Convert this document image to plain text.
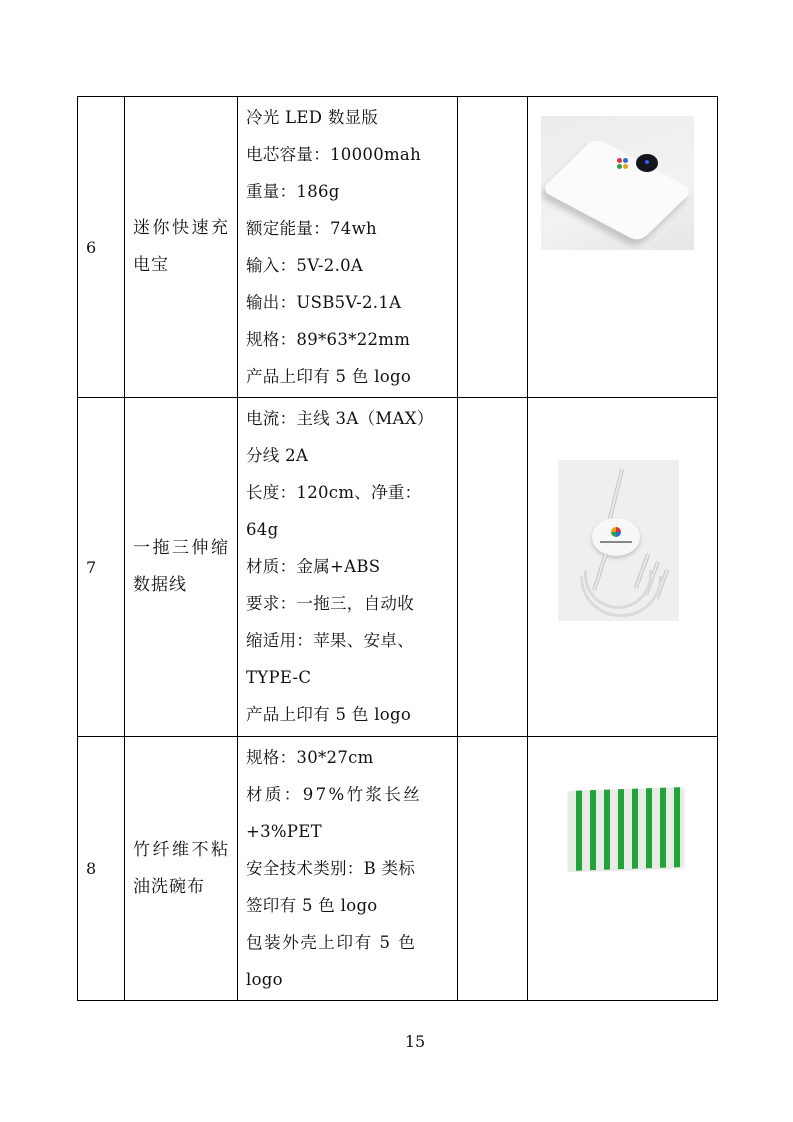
6	迷你快速充电宝	
冷光 LED 数显版
电芯容量：10000mah
重量：186g
额定能量：74wh
输入：5V-2.0A
输出：USB5V-2.1A
规格：89*63*22mm
产品上印有 5 色 logo

7	一拖三伸缩数据线	
电流：主线 3A（MAX）
分线 2A
长度：120cm、净重：
64g
材质：金属+ABS
要求：一拖三，自动收
缩适用：苹果、安卓、
TYPE-C
产品上印有 5 色 logo

8	竹纤维不粘油洗碗布	
规格：30*27cm
材质：97%竹浆长丝
+3%PET
安全技术类别：B 类标
签印有 5 色 logo
包装外壳上印有 5 色
logo

15
